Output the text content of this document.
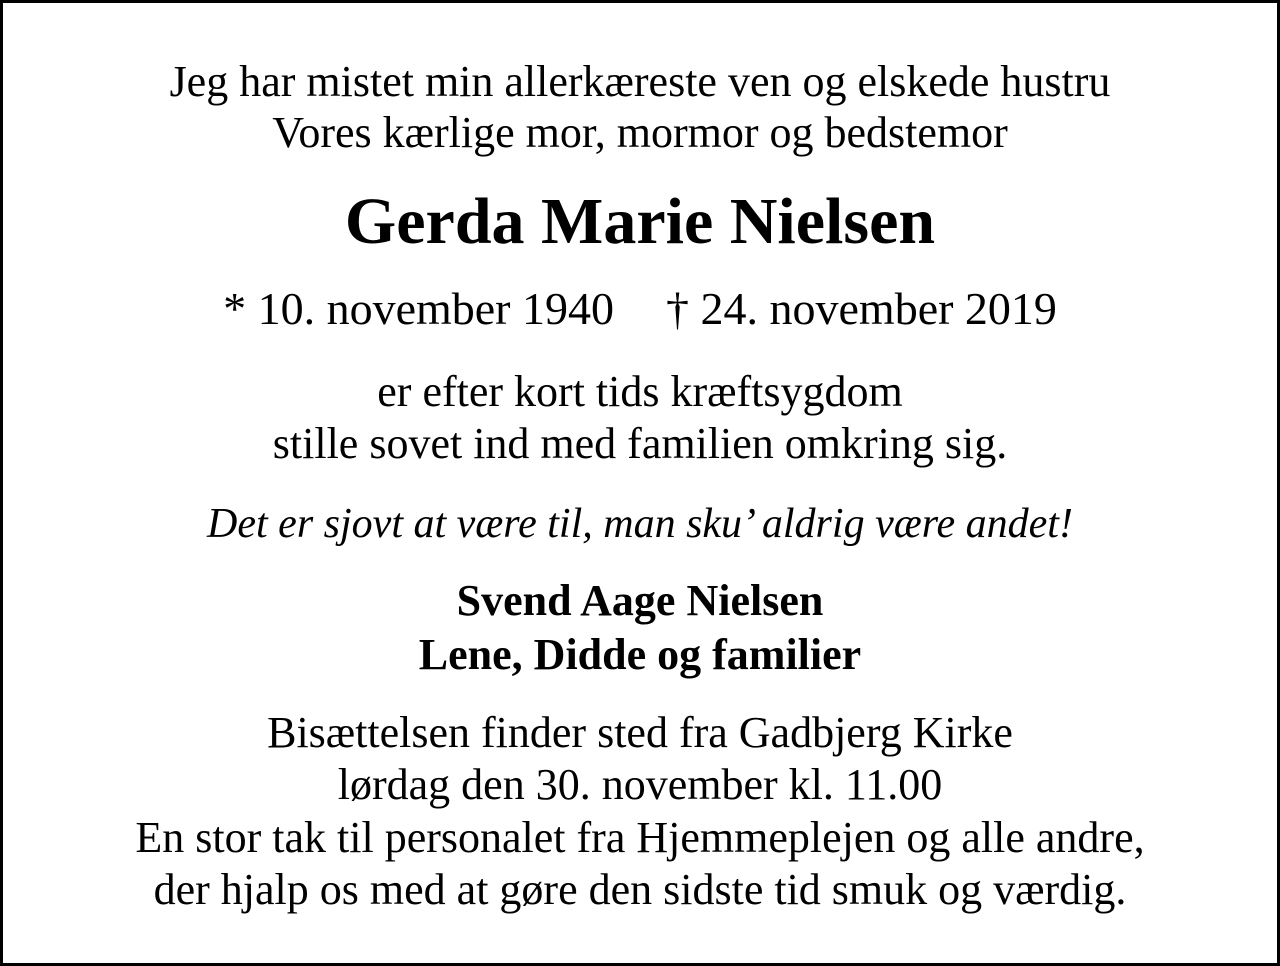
Jeg har mistet min allerkæreste ven og elskede hustru
Vores kærlige mor, mormor og bedstemor
Gerda Marie Nielsen
* 10. november 1940 † 24. november 2019
er efter kort tids kræftsygdom
stille sovet ind med familien omkring sig.
Det er sjovt at være til, man sku’ aldrig være andet!
Svend Aage Nielsen
Lene, Didde og familier
Bisættelsen finder sted fra Gadbjerg Kirke
lørdag den 30. november kl. 11.00
En stor tak til personalet fra Hjemmeplejen og alle andre,
der hjalp os med at gøre den sidste tid smuk og værdig.
